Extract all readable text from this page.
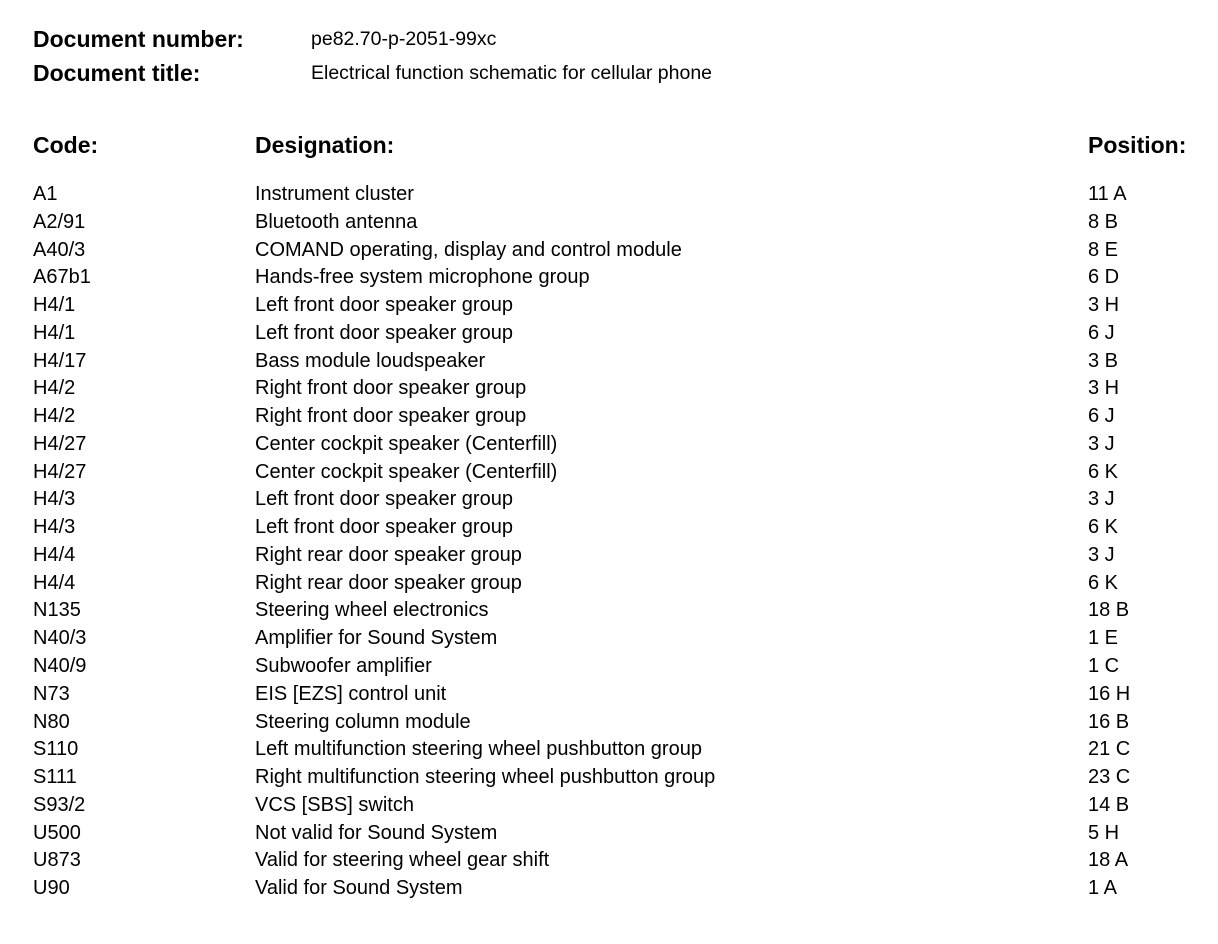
Document number:	pe82.70-p-2051-99xc
Document title:	Electrical function schematic for cellular phone
Code:	Designation:	Position:
A1	Instrument cluster	11 A
A2/91	Bluetooth antenna	8 B
A40/3	COMAND operating, display and control module	8 E
A67b1	Hands-free system microphone group	6 D
H4/1	Left front door speaker group	3 H
H4/1	Left front door speaker group	6 J
H4/17	Bass module loudspeaker	3 B
H4/2	Right front door speaker group	3 H
H4/2	Right front door speaker group	6 J
H4/27	Center cockpit speaker (Centerfill)	3 J
H4/27	Center cockpit speaker (Centerfill)	6 K
H4/3	Left front door speaker group	3 J
H4/3	Left front door speaker group	6 K
H4/4	Right rear door speaker group	3 J
H4/4	Right rear door speaker group	6 K
N135	Steering wheel electronics	18 B
N40/3	Amplifier for Sound System	1 E
N40/9	Subwoofer amplifier	1 C
N73	EIS [EZS] control unit	16 H
N80	Steering column module	16 B
S110	Left multifunction steering wheel pushbutton group	21 C
S111	Right multifunction steering wheel pushbutton group	23 C
S93/2	VCS [SBS] switch	14 B
U500	Not valid for Sound System	5 H
U873	Valid for steering wheel gear shift	18 A
U90	Valid for Sound System	1 A
